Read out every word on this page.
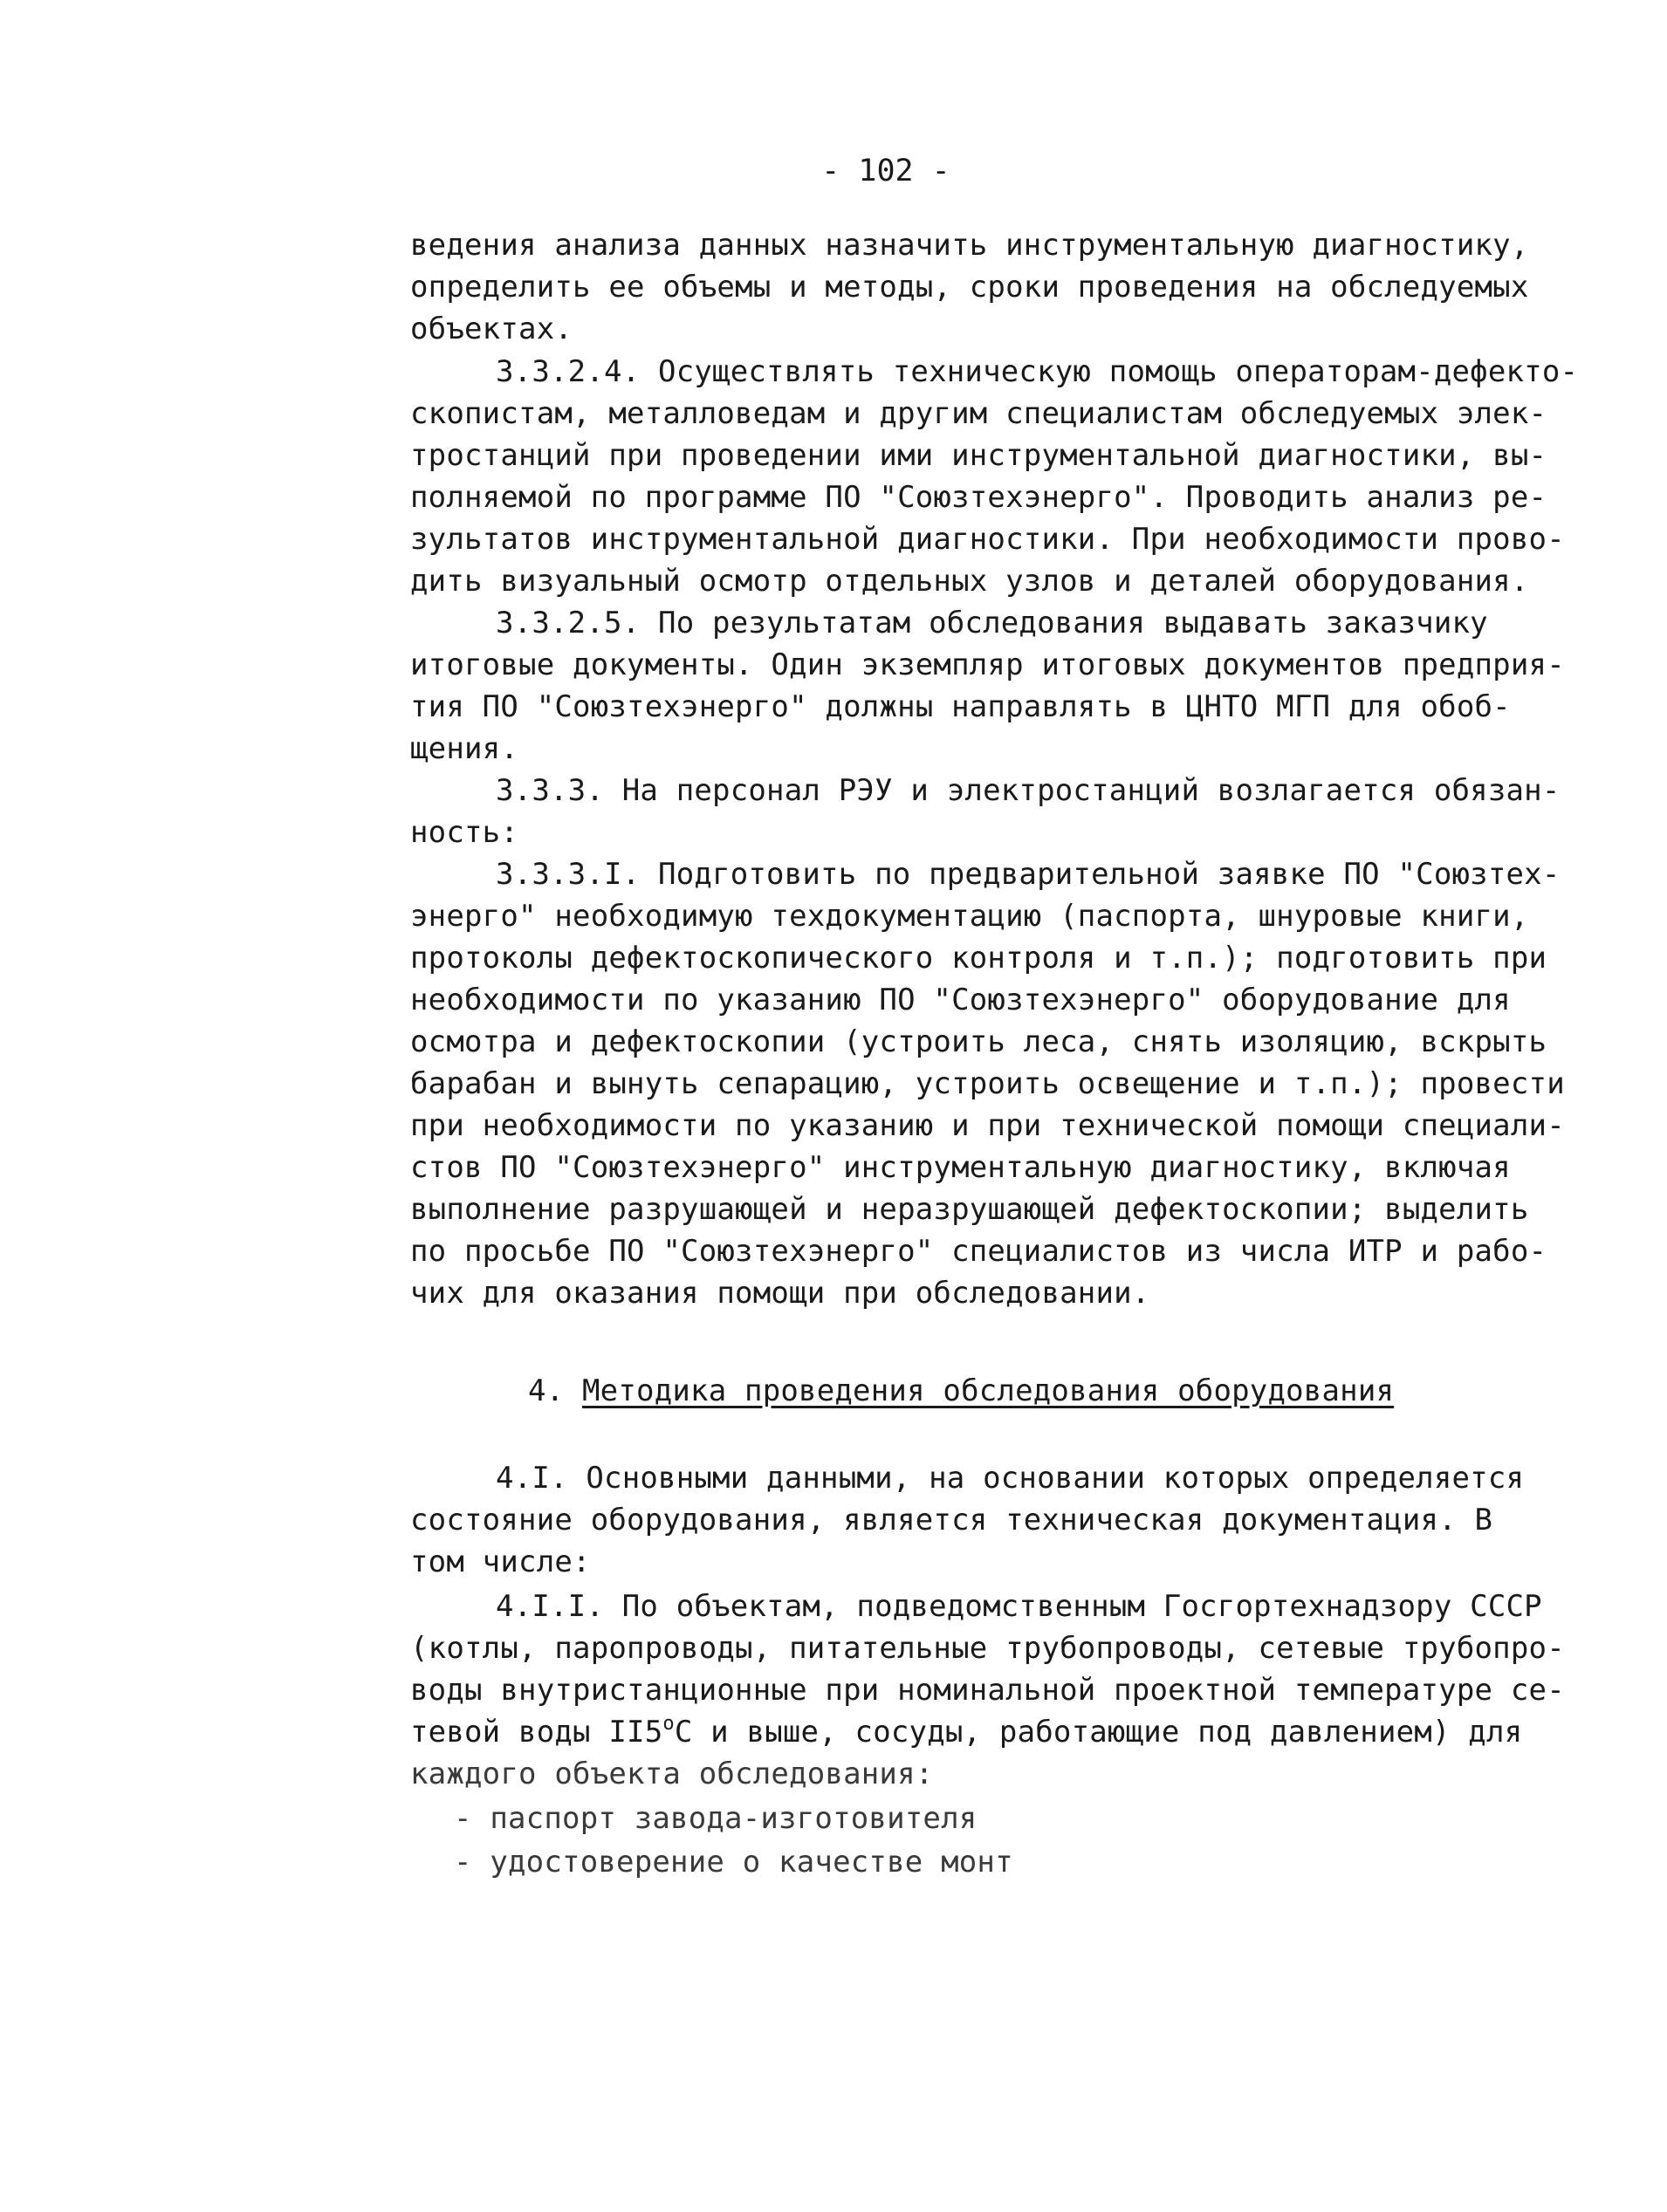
- 102 -
ведения анализа данных назначить инструментальную диагностику,
определить ее объемы и методы, сроки проведения на обследуемых
объектах.
3.3.2.4. Осуществлять техническую помощь операторам-дефекто-
скопистам, металловедам и другим специалистам обследуемых элек-
тростанций при проведении ими инструментальной диагностики, вы-
полняемой по программе ПО "Союзтехэнерго". Проводить анализ ре-
зультатов инструментальной диагностики. При необходимости прово-
дить визуальный осмотр отдельных узлов и деталей оборудования.
3.3.2.5. По результатам обследования выдавать заказчику
итоговые документы. Один экземпляр итоговых документов предприя-
тия ПО "Союзтехэнерго" должны направлять в ЦНТО МГП для обоб-
щения.
3.3.3. На персонал РЭУ и электростанций возлагается обязан-
ность:
3.3.3.I. Подготовить по предварительной заявке ПО "Союзтех-
энерго" необходимую техдокументацию (паспорта, шнуровые книги,
протоколы дефектоскопического контроля и т.п.); подготовить при
необходимости по указанию ПО "Союзтехэнерго" оборудование для
осмотра и дефектоскопии (устроить леса, снять изоляцию, вскрыть
барабан и вынуть сепарацию, устроить освещение и т.п.); провести
при необходимости по указанию и при технической помощи специали-
стов ПО "Союзтехэнерго" инструментальную диагностику, включая
выполнение разрушающей и неразрушающей дефектоскопии; выделить
по просьбе ПО "Союзтехэнерго" специалистов из числа ИТР и рабо-
чих для оказания помощи при обследовании.
4. Методика проведения обследования оборудования
4.I. Основными данными, на основании которых определяется
состояние оборудования, является техническая документация. В
том числе:
4.I.I. По объектам, подведомственным Госгортехнадзору СССР
(котлы, паропроводы, питательные трубопроводы, сетевые трубопро-
воды внутристанционные при номинальной проектной температуре се-
тевой воды $II5^оC$ и выше, сосуды, работающие под давлением) для
каждого объекта обследования:
- паспорт завода-изготовителя
- удостоверение о качестве монт
